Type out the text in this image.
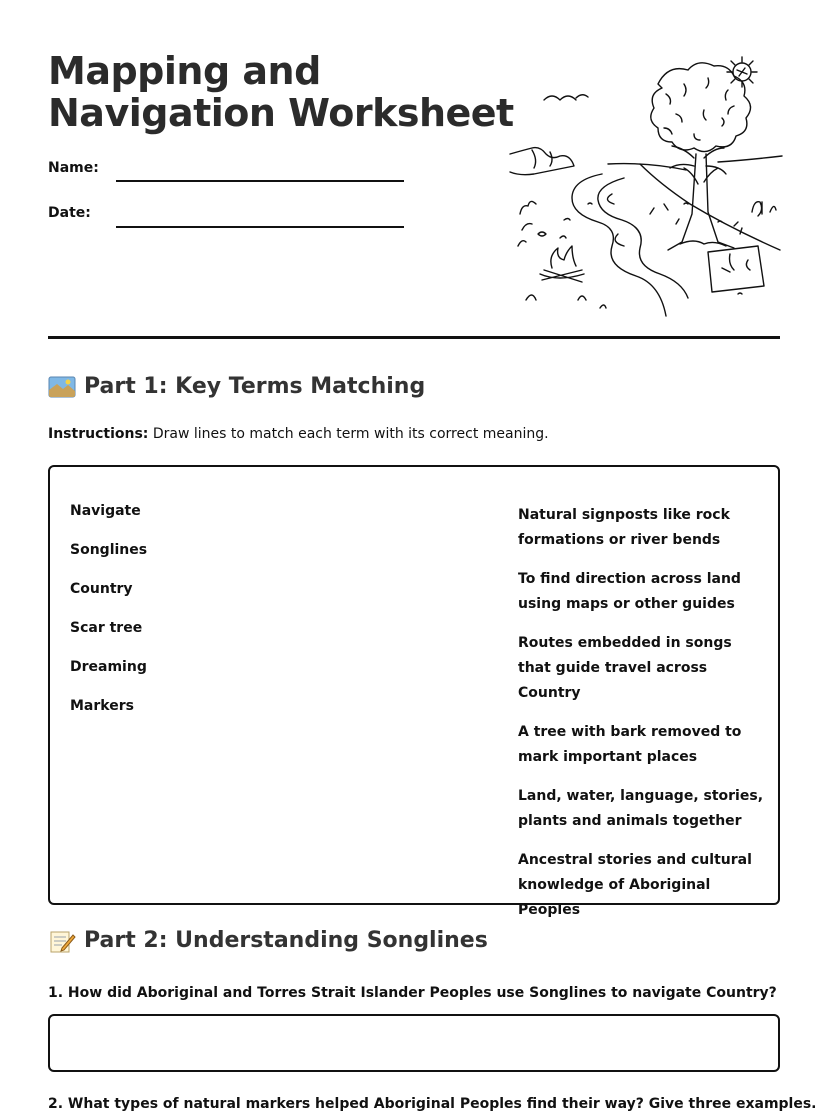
Mapping and
Navigation Worksheet
Name:
Date:
Part 1: Key Terms Matching
Instructions: Draw lines to match each term with its correct meaning.
Navigate
Songlines
Country
Scar tree
Dreaming
Markers
Natural signposts like rock formations or river bends
To find direction across land using maps or other guides
Routes embedded in songs that guide travel across Country
A tree with bark removed to mark important places
Land, water, language, stories, plants and animals together
Ancestral stories and cultural knowledge of Aboriginal Peoples
Part 2: Understanding Songlines
1. How did Aboriginal and Torres Strait Islander Peoples use Songlines to navigate Country?
2. What types of natural markers helped Aboriginal Peoples find their way? Give three examples.
